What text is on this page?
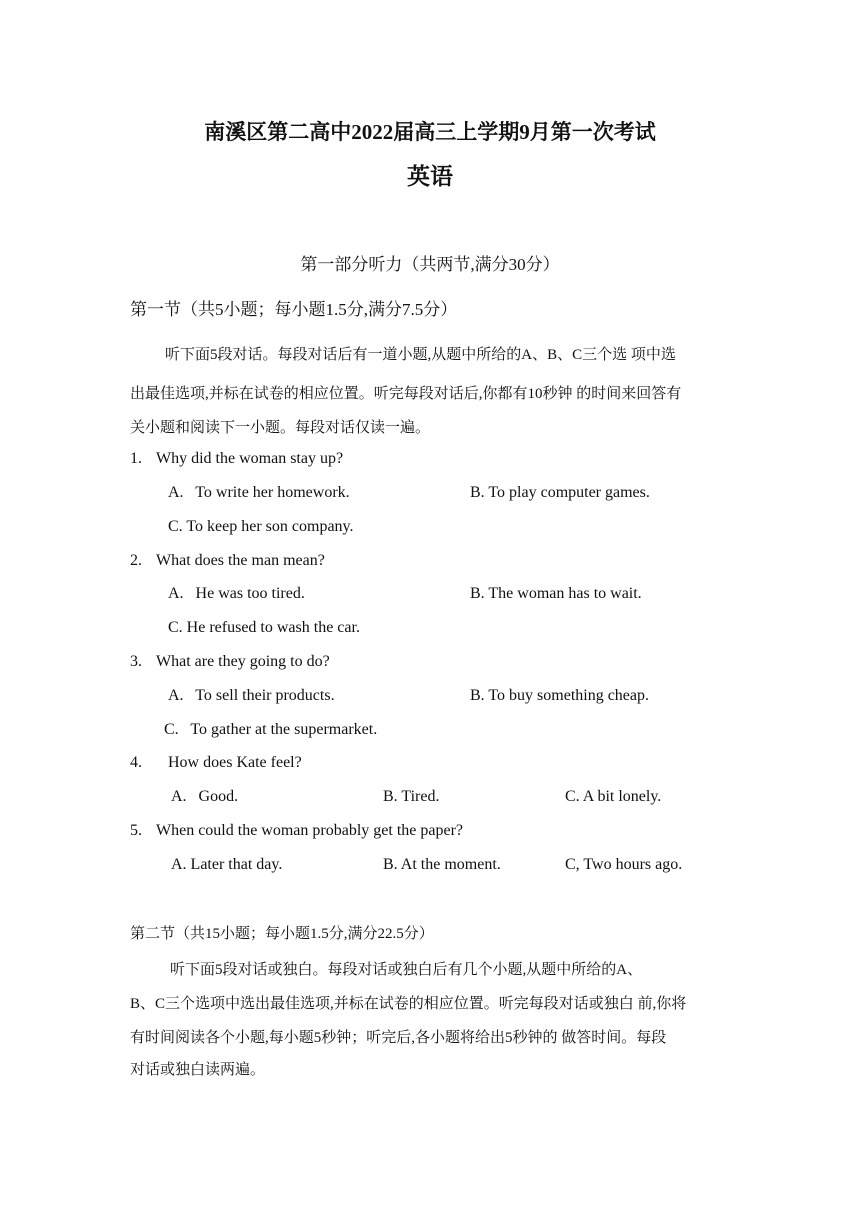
南溪区第二高中2022届高三上学期9月第一次考试
英语
第一部分听力（共两节,满分30分）
第一节（共5小题；每小题1.5分,满分7.5分）
听下面5段对话。每段对话后有一道小题,从题中所给的A、B、C三个选 项中选
出最佳选项,并标在试卷的相应位置。听完每段对话后,你都有10秒钟 的时间来回答有
关小题和阅读下一小题。每段对话仅读一遍。
1. Why did the woman stay up?
A.   To write her homework.	B. To play computer games.
C. To keep her son company.
2. What does the man mean?
A.   He was too tired.	B. The woman has to wait.
C. He refused to wash the car.
3. What are they going to do?
A.   To sell their products.	B. To buy something cheap.
C.   To gather at the supermarket.
4. How does Kate feel?
A.   Good.	B. Tired.	C. A bit lonely.
5. When could the woman probably get the paper?
A. Later that day.	B. At the moment.	C, Two hours ago.
第二节（共15小题；每小题1.5分,满分22.5分）
听下面5段对话或独白。每段对话或独白后有几个小题,从题中所给的A、
B、C三个选项中选出最佳选项,并标在试卷的相应位置。听完每段对话或独白 前,你将
有时间阅读各个小题,每小题5秒钟；听完后,各小题将给出5秒钟的 做答时间。每段
对话或独白读两遍。
